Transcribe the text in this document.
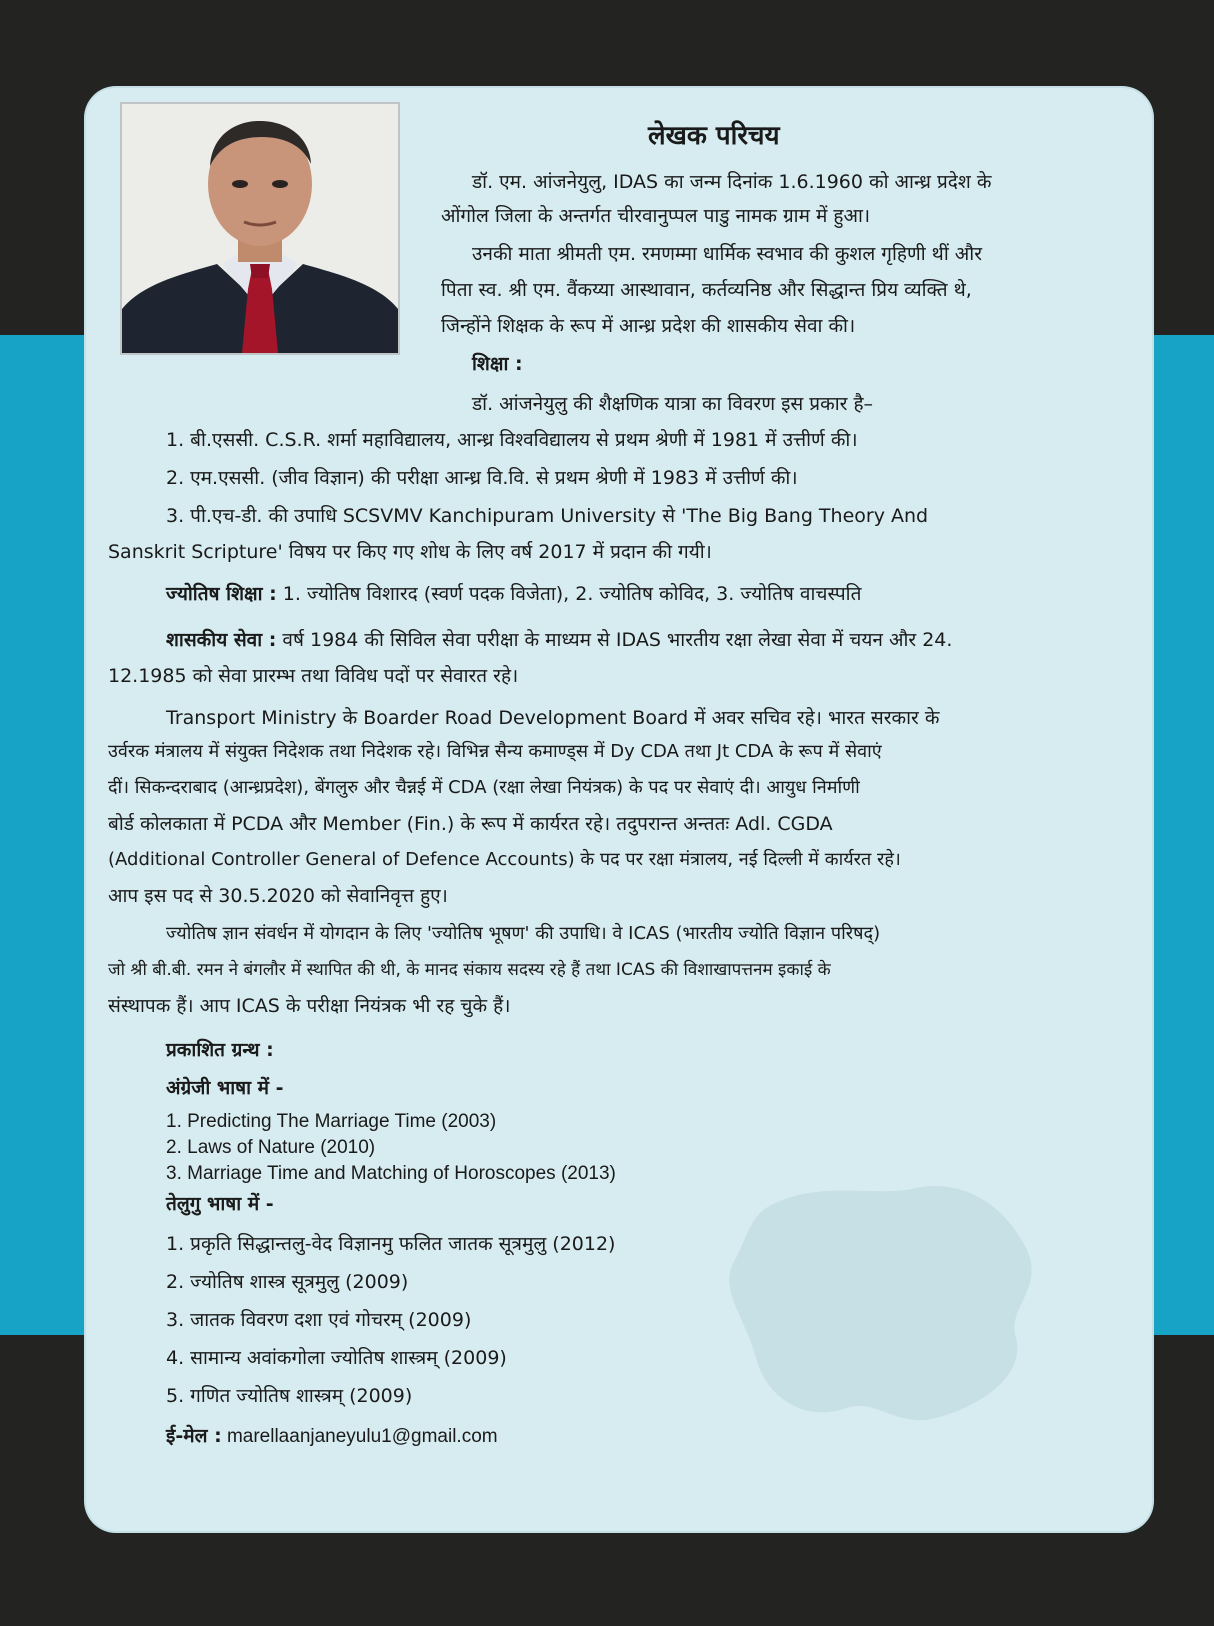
लेखक परिचय
डॉ. एम. आंजनेयुलु, IDAS का जन्म दिनांक 1.6.1960 को आन्ध्र प्रदेश के
ओंगोल जिला के अन्तर्गत चीरवानुप्पल पाडु नामक ग्राम में हुआ।
उनकी माता श्रीमती एम. रमणम्मा धार्मिक स्वभाव की कुशल गृहिणी थीं और
पिता स्व. श्री एम. वैंकय्या आस्थावान, कर्तव्यनिष्ठ और सिद्धान्त प्रिय व्यक्ति थे,
जिन्होंने शिक्षक के रूप में आन्ध्र प्रदेश की शासकीय सेवा की।
शिक्षा :
डॉ. आंजनेयुलु की शैक्षणिक यात्रा का विवरण इस प्रकार है–
1. बी.एससी. C.S.R. शर्मा महाविद्यालय, आन्ध्र विश्वविद्यालय से प्रथम श्रेणी में 1981 में उत्तीर्ण की।
2. एम.एससी. (जीव विज्ञान) की परीक्षा आन्ध्र वि.वि. से प्रथम श्रेणी में 1983 में उत्तीर्ण की।
3. पी.एच-डी. की उपाधि SCSVMV Kanchipuram University से 'The Big Bang Theory And
Sanskrit Scripture' विषय पर किए गए शोध के लिए वर्ष 2017 में प्रदान की गयी।
ज्योतिष शिक्षा : 1. ज्योतिष विशारद (स्वर्ण पदक विजेता), 2. ज्योतिष कोविद, 3. ज्योतिष वाचस्पति
शासकीय सेवा : वर्ष 1984 की सिविल सेवा परीक्षा के माध्यम से IDAS भारतीय रक्षा लेखा सेवा में चयन और 24.
12.1985 को सेवा प्रारम्भ तथा विविध पदों पर सेवारत रहे।
Transport Ministry के Boarder Road Development Board में अवर सचिव रहे। भारत सरकार के
उर्वरक मंत्रालय में संयुक्त निदेशक तथा निदेशक रहे। विभिन्न सैन्य कमाण्ड्स में Dy CDA तथा Jt CDA के रूप में सेवाएं
दीं। सिकन्दराबाद (आन्ध्रप्रदेश), बेंगलुरु और चैन्नई में CDA (रक्षा लेखा नियंत्रक) के पद पर सेवाएं दी। आयुध निर्माणी
बोर्ड कोलकाता में PCDA और Member (Fin.) के रूप में कार्यरत रहे। तदुपरान्त अन्ततः Adl. CGDA
(Additional Controller General of Defence Accounts) के पद पर रक्षा मंत्रालय, नई दिल्ली में कार्यरत रहे।
आप इस पद से 30.5.2020 को सेवानिवृत्त हुए।
ज्योतिष ज्ञान संवर्धन में योगदान के लिए 'ज्योतिष भूषण' की उपाधि। वे ICAS (भारतीय ज्योति विज्ञान परिषद्)
जो श्री बी.बी. रमन ने बंगलौर में स्थापित की थी, के मानद संकाय सदस्य रहे हैं तथा ICAS की विशाखापत्तनम इकाई के
संस्थापक हैं। आप ICAS के परीक्षा नियंत्रक भी रह चुके हैं।
प्रकाशित ग्रन्थ :
अंग्रेजी भाषा में -
1. Predicting The Marriage Time (2003)
2. Laws of Nature (2010)
3. Marriage Time and Matching of Horoscopes (2013)
तेलुगु भाषा में -
1. प्रकृति सिद्धान्तलु-वेद विज्ञानमु फलित जातक सूत्रमुलु (2012)
2. ज्योतिष शास्त्र सूत्रमुलु (2009)
3. जातक विवरण दशा एवं गोचरम् (2009)
4. सामान्य अवांकगोला ज्योतिष शास्त्रम् (2009)
5. गणित ज्योतिष शास्त्रम् (2009)
ई-मेल : marellaanjaneyulu1@gmail.com
